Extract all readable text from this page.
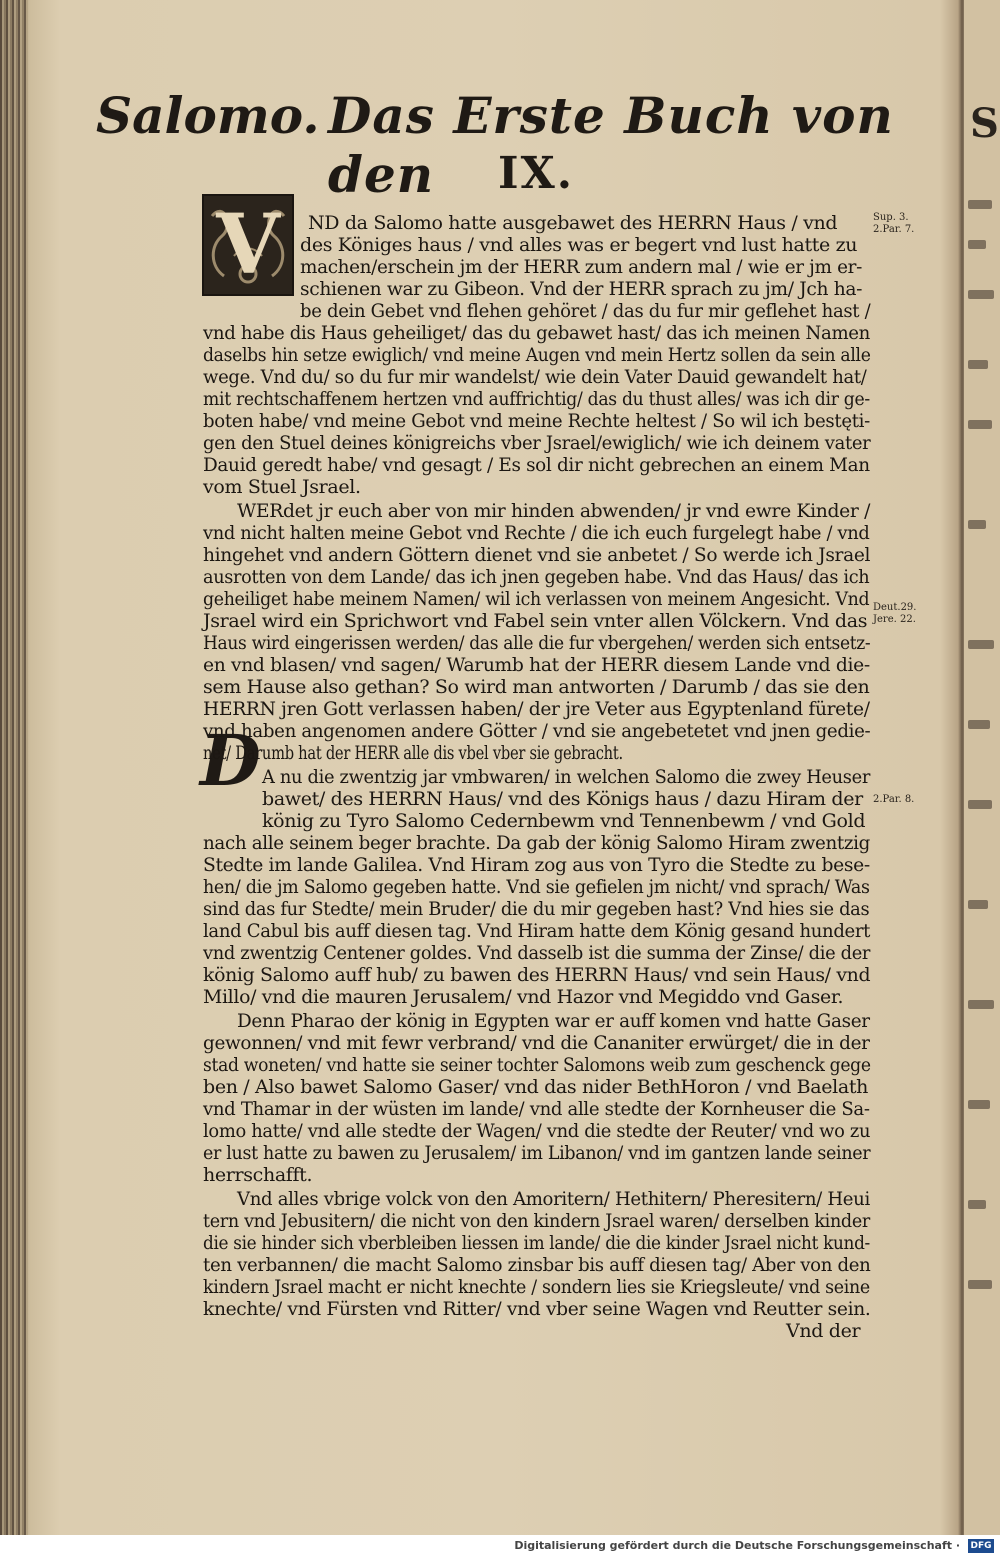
S
Salomo. Das Erste Buch von den	IX.
V
D
ND da Salomo hatte ausgebawet des HERRN Haus / vnd
des Königes haus / vnd alles was er begert vnd lust hatte zu
machen/erschein jm der HERR zum andern mal / wie er jm er-
schienen war zu Gibeon. Vnd der HERR sprach zu jm/ Jch ha-
be dein Gebet vnd flehen gehöret / das du fur mir geflehet hast /
vnd habe dis Haus geheiliget/ das du gebawet hast/ das ich meinen Namen
daselbs hin setze ewiglich/ vnd meine Augen vnd mein Hertz sollen da sein alle
wege. Vnd du/ so du fur mir wandelst/ wie dein Vater Dauid gewandelt hat/
mit rechtschaffenem hertzen vnd auffrichtig/ das du thust alles/ was ich dir ge-
boten habe/ vnd meine Gebot vnd meine Rechte heltest / So wil ich bestęti-
gen den Stuel deines königreichs vber Jsrael/ewiglich/ wie ich deinem vater
Dauid geredt habe/ vnd gesagt / Es sol dir nicht gebrechen an einem Man
vom Stuel Jsrael.
WERdet jr euch aber von mir hinden abwenden/ jr vnd ewre Kinder /
vnd nicht halten meine Gebot vnd Rechte / die ich euch furgelegt habe / vnd
hingehet vnd andern Göttern dienet vnd sie anbetet / So werde ich Jsrael
ausrotten von dem Lande/ das ich jnen gegeben habe. Vnd das Haus/ das ich
geheiliget habe meinem Namen/ wil ich verlassen von meinem Angesicht. Vnd
Jsrael wird ein Sprichwort vnd Fabel sein vnter allen Völckern. Vnd das
Haus wird eingerissen werden/ das alle die fur vbergehen/ werden sich entsetz-
en vnd blasen/ vnd sagen/ Warumb hat der HERR diesem Lande vnd die-
sem Hause also gethan? So wird man antworten / Darumb / das sie den
HERRN jren Gott verlassen haben/ der jre Veter aus Egyptenland fürete/
vnd haben angenomen andere Götter / vnd sie angebetetet vnd jnen gedie-
net/ Darumb hat der HERR alle dis vbel vber sie gebracht.
A nu die zwentzig jar vmbwaren/ in welchen Salomo die zwey Heuser
bawet/ des HERRN Haus/ vnd des Königs haus / dazu Hiram der
könig zu Tyro Salomo Cedernbewm vnd Tennenbewm / vnd Gold
nach alle seinem beger brachte. Da gab der könig Salomo Hiram zwentzig
Stedte im lande Galilea. Vnd Hiram zog aus von Tyro die Stedte zu bese-
hen/ die jm Salomo gegeben hatte. Vnd sie gefielen jm nicht/ vnd sprach/ Was
sind das fur Stedte/ mein Bruder/ die du mir gegeben hast? Vnd hies sie das
land Cabul bis auff diesen tag. Vnd Hiram hatte dem König gesand hundert
vnd zwentzig Centener goldes. Vnd dasselb ist die summa der Zinse/ die der
könig Salomo auff hub/ zu bawen des HERRN Haus/ vnd sein Haus/ vnd
Millo/ vnd die mauren Jerusalem/ vnd Hazor vnd Megiddo vnd Gaser.
Denn Pharao der könig in Egypten war er auff komen vnd hatte Gaser
gewonnen/ vnd mit fewr verbrand/ vnd die Cananiter erwürget/ die in der
stad woneten/ vnd hatte sie seiner tochter Salomons weib zum geschenck gege
ben / Also bawet Salomo Gaser/ vnd das nider BethHoron / vnd Baelath
vnd Thamar in der wüsten im lande/ vnd alle stedte der Kornheuser die Sa-
lomo hatte/ vnd alle stedte der Wagen/ vnd die stedte der Reuter/ vnd wo zu
er lust hatte zu bawen zu Jerusalem/ im Libanon/ vnd im gantzen lande seiner
herrschafft.
Vnd alles vbrige volck von den Amoritern/ Hethitern/ Pheresitern/ Heui
tern vnd Jebusitern/ die nicht von den kindern Jsrael waren/ derselben kinder
die sie hinder sich vberbleiben liessen im lande/ die die kinder Jsrael nicht kund-
ten verbannen/ die macht Salomo zinsbar bis auff diesen tag/ Aber von den
kindern Jsrael macht er nicht knechte / sondern lies sie Kriegsleute/ vnd seine
knechte/ vnd Fürsten vnd Ritter/ vnd vber seine Wagen vnd Reutter sein.
Vnd der
Sup. 3.
2.Par. 7.
Deut.29.
Jere. 22.
2.Par. 8.
Digitalisierung gefördert durch die Deutsche Forschungsgemeinschaft · DFG
